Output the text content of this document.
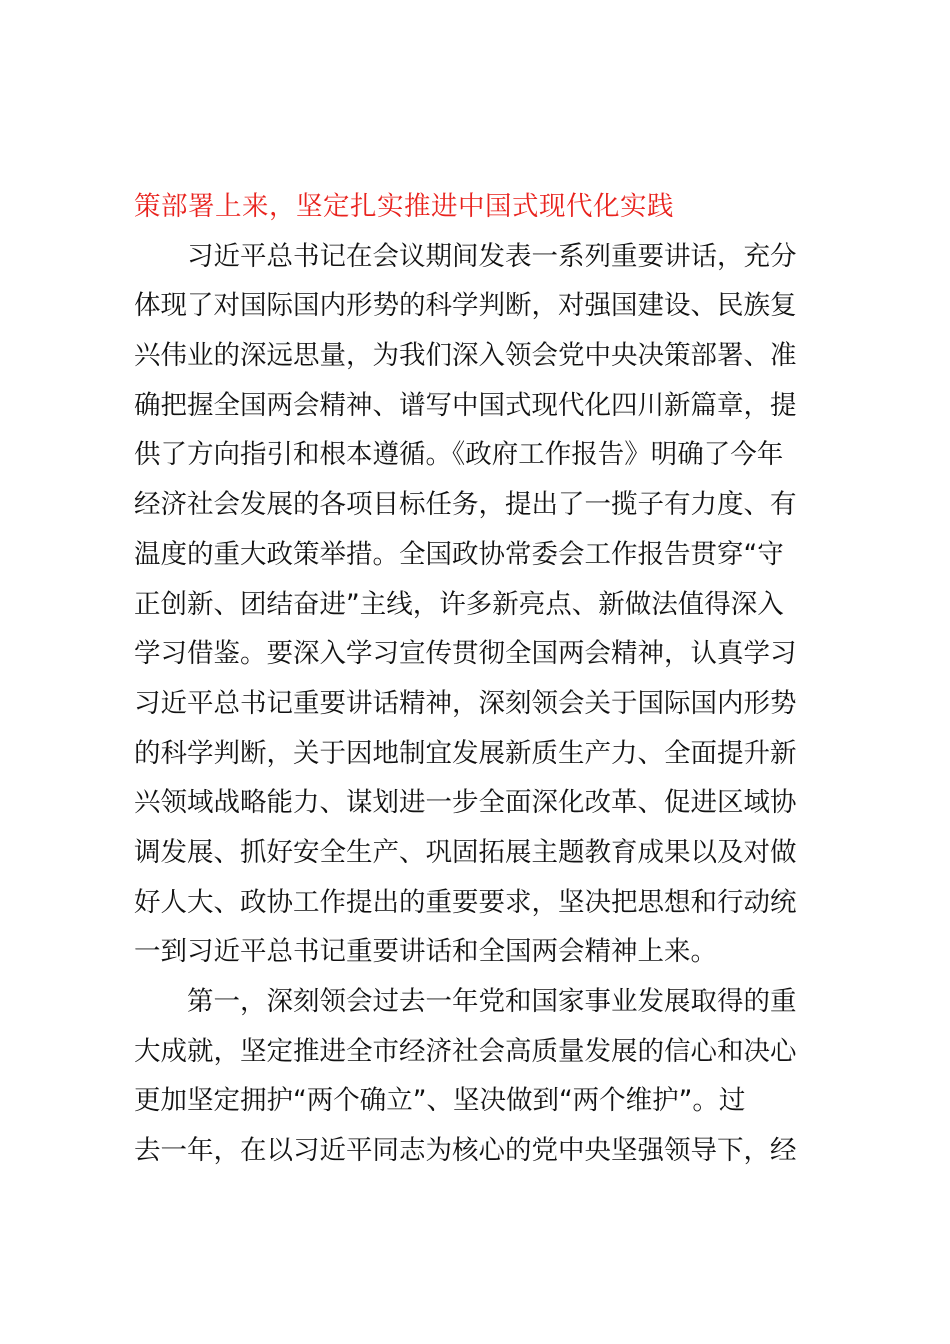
策部署上来，坚定扎实推进中国式现代化实践
　　习近平总书记在会议期间发表一系列重要讲话，充分
体现了对国际国内形势的科学判断，对强国建设、民族复
兴伟业的深远思量，为我们深入领会党中央决策部署、准
确把握全国两会精神、谱写中国式现代化四川新篇章，提
供了方向指引和根本遵循。《政府工作报告》明确了今年
经济社会发展的各项目标任务，提出了一揽子有力度、有
温度的重大政策举措。全国政协常委会工作报告贯穿“守
正创新、团结奋进”主线，许多新亮点、新做法值得深入
学习借鉴。要深入学习宣传贯彻全国两会精神，认真学习
习近平总书记重要讲话精神，深刻领会关于国际国内形势
的科学判断，关于因地制宜发展新质生产力、全面提升新
兴领域战略能力、谋划进一步全面深化改革、促进区域协
调发展、抓好安全生产、巩固拓展主题教育成果以及对做
好人大、政协工作提出的重要要求，坚决把思想和行动统
一到习近平总书记重要讲话和全国两会精神上来。
　　第一，深刻领会过去一年党和国家事业发展取得的重
大成就，坚定推进全市经济社会高质量发展的信心和决心
更加坚定拥护“两个确立”、坚决做到“两个维护”。过
去一年，在以习近平同志为核心的党中央坚强领导下，经
